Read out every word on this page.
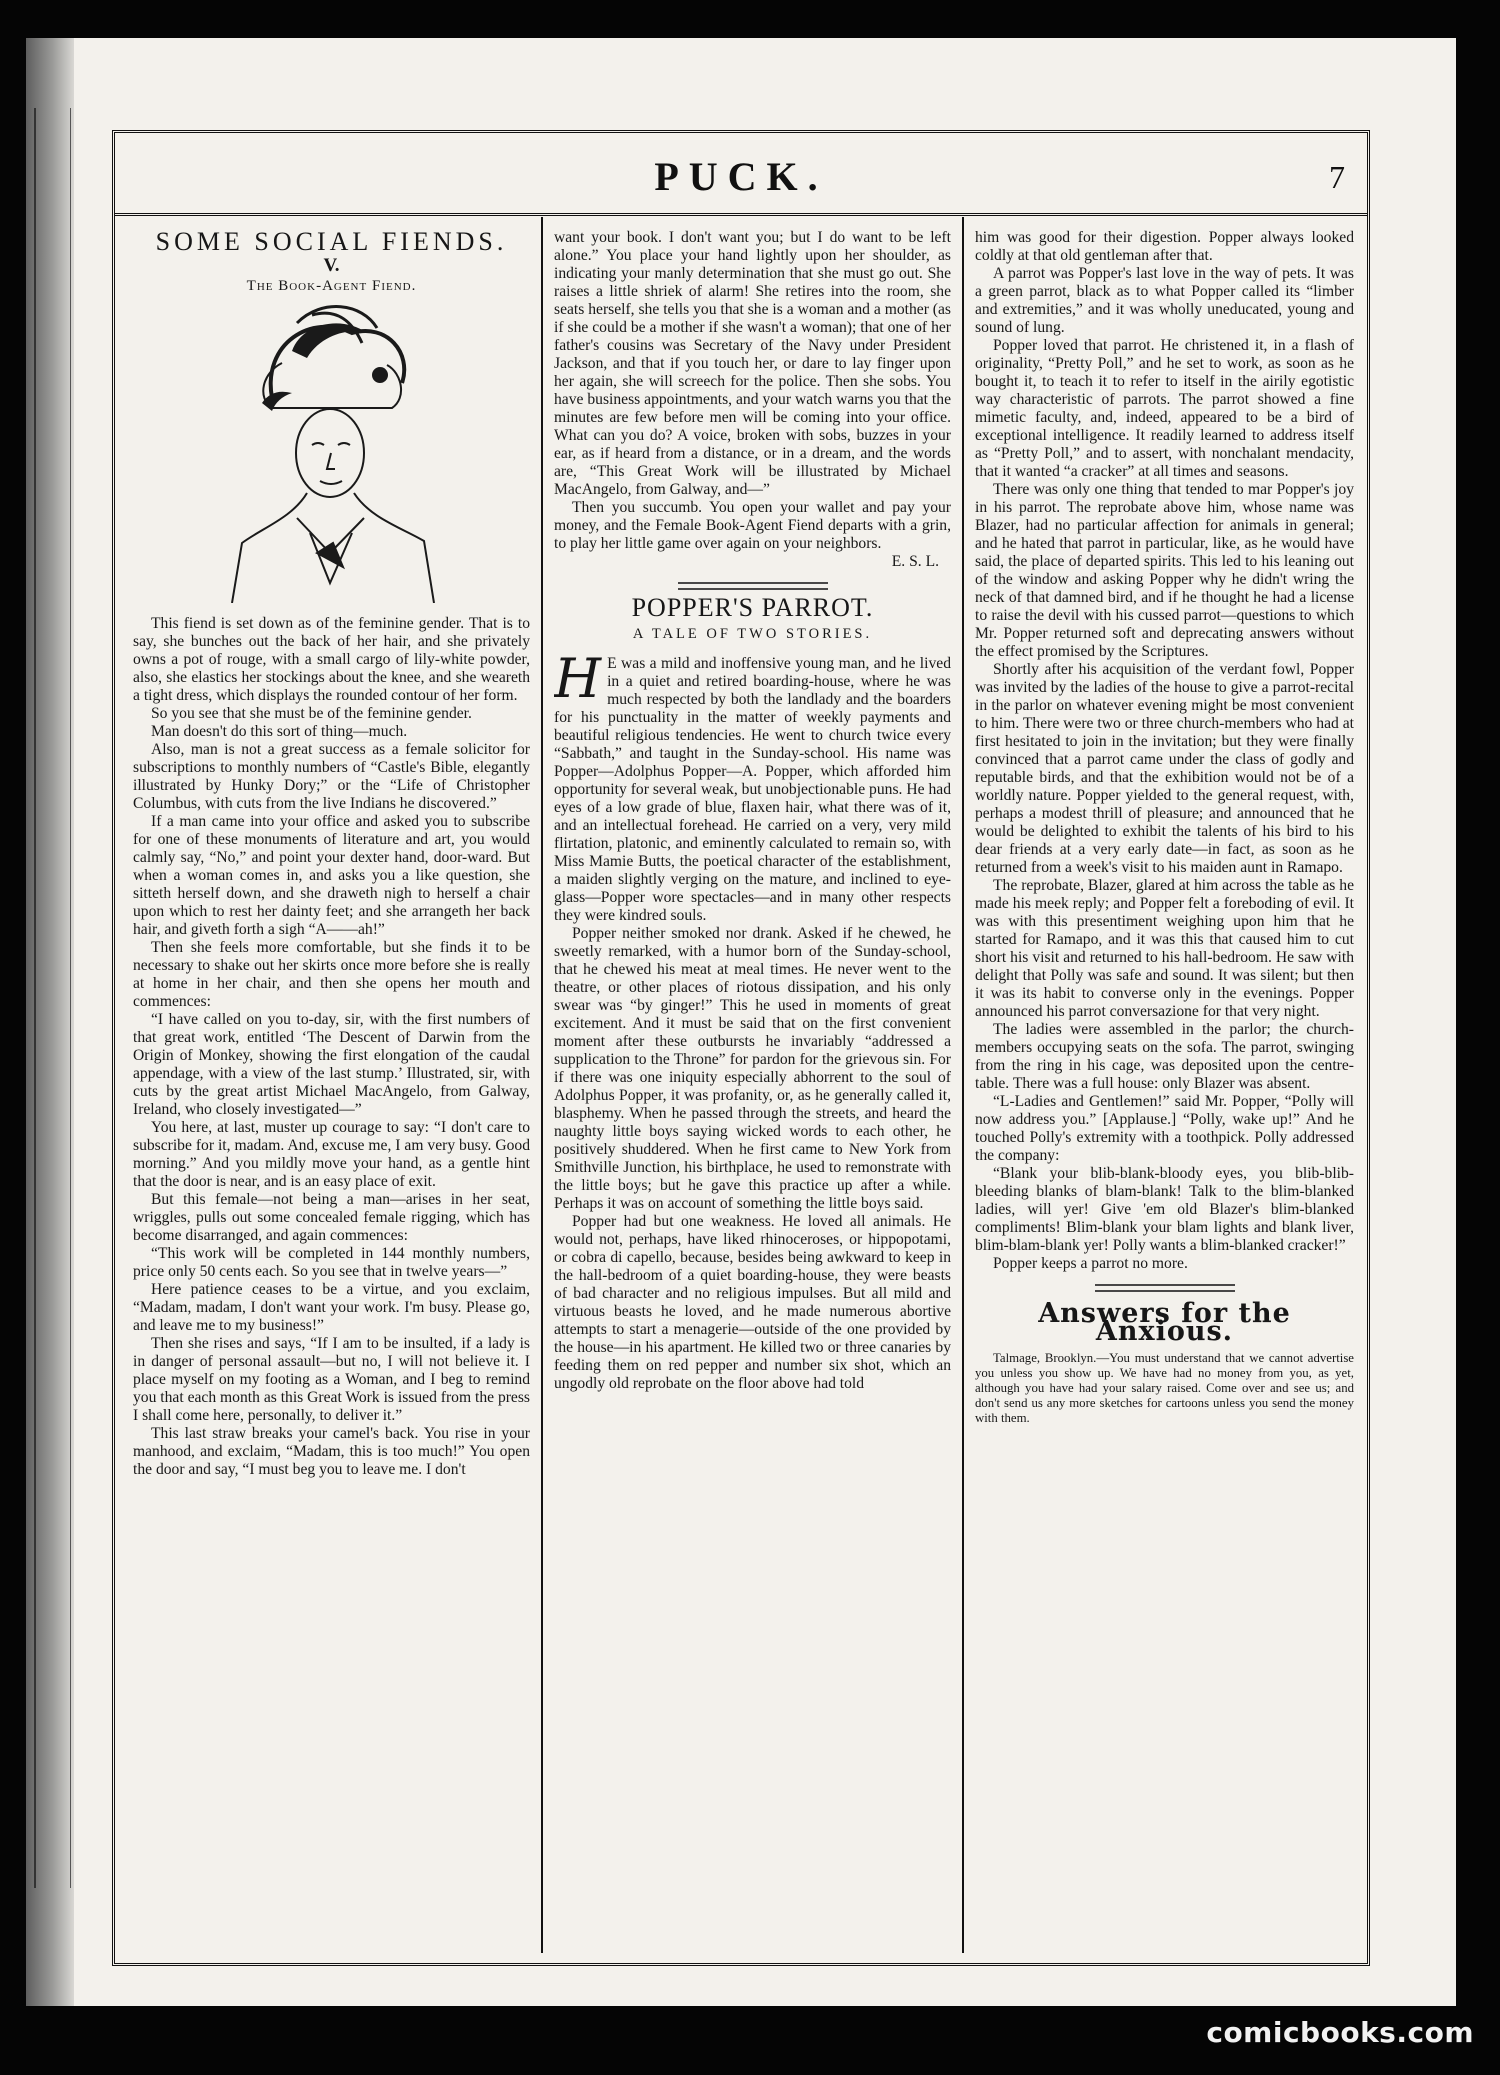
PUCK.	7
SOME SOCIAL FIENDS.
V.
The Book-Agent Fiend.

This fiend is set down as of the feminine gender. That is to say, she bunches out the back of her hair, and she privately owns a pot of rouge, with a small cargo of lily-white powder, also, she elastics her stockings about the knee, and she weareth a tight dress, which displays the rounded contour of her form.

So you see that she must be of the feminine gender.

Man doesn't do this sort of thing—much.

Also, man is not a great success as a female solicitor for subscriptions to monthly numbers of “Castle's Bible, elegantly illustrated by Hunky Dory;” or the “Life of Christopher Columbus, with cuts from the live Indians he discovered.”

If a man came into your office and asked you to subscribe for one of these monuments of literature and art, you would calmly say, “No,” and point your dexter hand, door-ward. But when a woman comes in, and asks you a like question, she sitteth herself down, and she draweth nigh to herself a chair upon which to rest her dainty feet; and she arrangeth her back hair, and giveth forth a sigh “A——ah!”

Then she feels more comfortable, but she finds it to be necessary to shake out her skirts once more before she is really at home in her chair, and then she opens her mouth and commences:

“I have called on you to-day, sir, with the first numbers of that great work, entitled ‘The Descent of Darwin from the Origin of Monkey, showing the first elongation of the caudal appendage, with a view of the last stump.’ Illustrated, sir, with cuts by the great artist Michael MacAngelo, from Galway, Ireland, who closely investigated—”

You here, at last, muster up courage to say: “I don't care to subscribe for it, madam. And, excuse me, I am very busy. Good morning.” And you mildly move your hand, as a gentle hint that the door is near, and is an easy place of exit.

But this female—not being a man—arises in her seat, wriggles, pulls out some concealed female rigging, which has become disarranged, and again commences:

“This work will be completed in 144 monthly numbers, price only 50 cents each. So you see that in twelve years—”

Here patience ceases to be a virtue, and you exclaim, “Madam, madam, I don't want your work. I'm busy. Please go, and leave me to my business!”

Then she rises and says, “If I am to be insulted, if a lady is in danger of personal assault—but no, I will not believe it. I place myself on my footing as a Woman, and I beg to remind you that each month as this Great Work is issued from the press I shall come here, personally, to deliver it.”

This last straw breaks your camel's back. You rise in your manhood, and exclaim, “Madam, this is too much!” You open the door and say, “I must beg you to leave me. I don't

want your book. I don't want you; but I do want to be left alone.” You place your hand lightly upon her shoulder, as indicating your manly determination that she must go out. She raises a little shriek of alarm! She retires into the room, she seats herself, she tells you that she is a woman and a mother (as if she could be a mother if she wasn't a woman); that one of her father's cousins was Secretary of the Navy under President Jackson, and that if you touch her, or dare to lay finger upon her again, she will screech for the police. Then she sobs. You have business appointments, and your watch warns you that the minutes are few before men will be coming into your office. What can you do? A voice, broken with sobs, buzzes in your ear, as if heard from a distance, or in a dream, and the words are, “This Great Work will be illustrated by Michael MacAngelo, from Galway, and—”

Then you succumb. You open your wallet and pay your money, and the Female Book-Agent Fiend departs with a grin, to play her little game over again on your neighbors.

E. S. L.

POPPER'S PARROT.
A TALE OF TWO STORIES.

H E was a mild and inoffensive young man, and he lived in a quiet and retired boarding-house, where he was much respected by both the landlady and the boarders for his punctuality in the matter of weekly payments and beautiful religious tendencies. He went to church twice every “Sabbath,” and taught in the Sunday-school. His name was Popper—Adolphus Popper—A. Popper, which afforded him opportunity for several weak, but unobjectionable puns. He had eyes of a low grade of blue, flaxen hair, what there was of it, and an intellectual forehead. He carried on a very, very mild flirtation, platonic, and eminently calculated to remain so, with Miss Mamie Butts, the poetical character of the establishment, a maiden slightly verging on the mature, and inclined to eye-glass—Popper wore spectacles—and in many other respects they were kindred souls.

Popper neither smoked nor drank. Asked if he chewed, he sweetly remarked, with a humor born of the Sunday-school, that he chewed his meat at meal times. He never went to the theatre, or other places of riotous dissipation, and his only swear was “by ginger!” This he used in moments of great excitement. And it must be said that on the first convenient moment after these outbursts he invariably “addressed a supplication to the Throne” for pardon for the grievous sin. For if there was one iniquity especially abhorrent to the soul of Adolphus Popper, it was profanity, or, as he generally called it, blasphemy. When he passed through the streets, and heard the naughty little boys saying wicked words to each other, he positively shuddered. When he first came to New York from Smithville Junction, his birthplace, he used to remonstrate with the little boys; but he gave this practice up after a while. Perhaps it was on account of something the little boys said.

Popper had but one weakness. He loved all animals. He would not, perhaps, have liked rhinoceroses, or hippopotami, or cobra di capello, because, besides being awkward to keep in the hall-bedroom of a quiet boarding-house, they were beasts of bad character and no religious impulses. But all mild and virtuous beasts he loved, and he made numerous abortive attempts to start a menagerie—outside of the one provided by the house—in his apartment. He killed two or three canaries by feeding them on red pepper and number six shot, which an ungodly old reprobate on the floor above had told

him was good for their digestion. Popper always looked coldly at that old gentleman after that.

A parrot was Popper's last love in the way of pets. It was a green parrot, black as to what Popper called its “limber and extremities,” and it was wholly uneducated, young and sound of lung.

Popper loved that parrot. He christened it, in a flash of originality, “Pretty Poll,” and he set to work, as soon as he bought it, to teach it to refer to itself in the airily egotistic way characteristic of parrots. The parrot showed a fine mimetic faculty, and, indeed, appeared to be a bird of exceptional intelligence. It readily learned to address itself as “Pretty Poll,” and to assert, with nonchalant mendacity, that it wanted “a cracker” at all times and seasons.

There was only one thing that tended to mar Popper's joy in his parrot. The reprobate above him, whose name was Blazer, had no particular affection for animals in general; and he hated that parrot in particular, like, as he would have said, the place of departed spirits. This led to his leaning out of the window and asking Popper why he didn't wring the neck of that damned bird, and if he thought he had a license to raise the devil with his cussed parrot—questions to which Mr. Popper returned soft and deprecating answers without the effect promised by the Scriptures.

Shortly after his acquisition of the verdant fowl, Popper was invited by the ladies of the house to give a parrot-recital in the parlor on whatever evening might be most convenient to him. There were two or three church-members who had at first hesitated to join in the invitation; but they were finally convinced that a parrot came under the class of godly and reputable birds, and that the exhibition would not be of a worldly nature. Popper yielded to the general request, with, perhaps a modest thrill of pleasure; and announced that he would be delighted to exhibit the talents of his bird to his dear friends at a very early date—in fact, as soon as he returned from a week's visit to his maiden aunt in Ramapo.

The reprobate, Blazer, glared at him across the table as he made his meek reply; and Popper felt a foreboding of evil. It was with this presentiment weighing upon him that he started for Ramapo, and it was this that caused him to cut short his visit and returned to his hall-bedroom. He saw with delight that Polly was safe and sound. It was silent; but then it was its habit to converse only in the evenings. Popper announced his parrot conversazione for that very night.

The ladies were assembled in the parlor; the church-members occupying seats on the sofa. The parrot, swinging from the ring in his cage, was deposited upon the centre-table. There was a full house: only Blazer was absent.

“L-Ladies and Gentlemen!” said Mr. Popper, “Polly will now address you.” [Applause.] “Polly, wake up!” And he touched Polly's extremity with a toothpick. Polly addressed the company:

“Blank your blib-blank-bloody eyes, you blib-blib-bleeding blanks of blam-blank! Talk to the blim-blanked ladies, will yer! Give 'em old Blazer's blim-blanked compliments! Blim-blank your blam lights and blank liver, blim-blam-blank yer! Polly wants a blim-blanked cracker!”

Popper keeps a parrot no more.

Answers for the Anxious.

Talmage, Brooklyn.—You must understand that we cannot advertise you unless you show up. We have had no money from you, as yet, although you have had your salary raised. Come over and see us; and don't send us any more sketches for cartoons unless you send the money with them.

comicbooks.com
